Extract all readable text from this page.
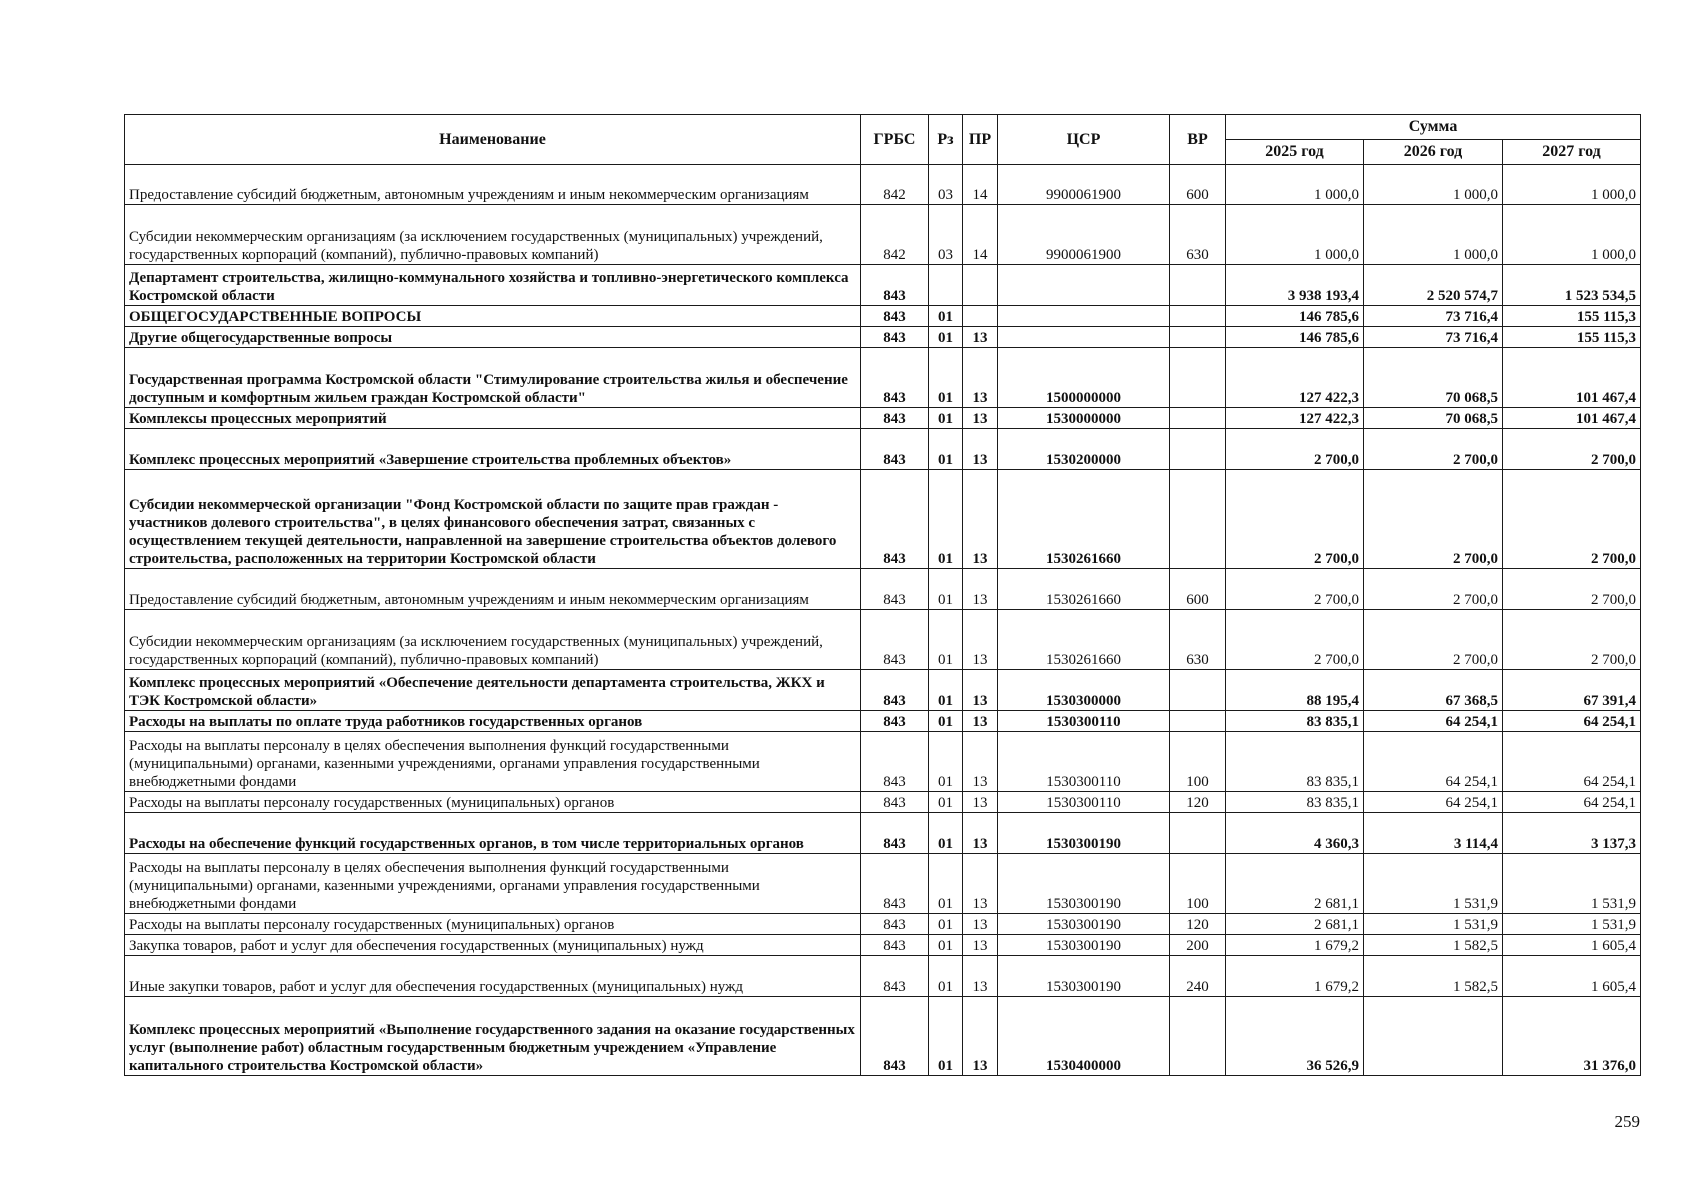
Наименование	ГРБС	Рз	ПР	ЦСР	ВР	Сумма		
						2025 год	2026 год	2027 год
Предоставление субсидий бюджетным, автономным учреждениям и иным некоммерческим организациям	842	03	14	9900061900	600	1 000,0	1 000,0	1 000,0
Субсидии некоммерческим организациям (за исключением государственных (муниципальных) учреждений, государственных корпораций (компаний), публично-правовых компаний)	842	03	14	9900061900	630	1 000,0	1 000,0	1 000,0
Департамент строительства, жилищно-коммунального хозяйства и топливно-энергетического комплекса Костромской области	843					3 938 193,4	2 520 574,7	1 523 534,5
ОБЩЕГОСУДАРСТВЕННЫЕ ВОПРОСЫ	843	01				146 785,6	73 716,4	155 115,3
Другие общегосударственные вопросы	843	01	13			146 785,6	73 716,4	155 115,3
Государственная программа Костромской области "Стимулирование строительства жилья и обеспечение доступным и комфортным жильем граждан Костромской области"	843	01	13	1500000000		127 422,3	70 068,5	101 467,4
Комплексы процессных мероприятий	843	01	13	1530000000		127 422,3	70 068,5	101 467,4
Комплекс процессных мероприятий «Завершение строительства проблемных объектов»	843	01	13	1530200000		2 700,0	2 700,0	2 700,0
Субсидии некоммерческой организации "Фонд Костромской области по защите прав граждан - участников долевого строительства", в целях финансового обеспечения затрат, связанных с осуществлением текущей деятельности, направленной на завершение строительства объектов долевого строительства, расположенных на территории Костромской области	843	01	13	1530261660		2 700,0	2 700,0	2 700,0
Предоставление субсидий бюджетным, автономным учреждениям и иным некоммерческим организациям	843	01	13	1530261660	600	2 700,0	2 700,0	2 700,0
Субсидии некоммерческим организациям (за исключением государственных (муниципальных) учреждений, государственных корпораций (компаний), публично-правовых компаний)	843	01	13	1530261660	630	2 700,0	2 700,0	2 700,0
Комплекс процессных мероприятий «Обеспечение деятельности департамента строительства, ЖКХ и ТЭК Костромской области»	843	01	13	1530300000		88 195,4	67 368,5	67 391,4
Расходы на выплаты по оплате труда работников государственных органов	843	01	13	1530300110		83 835,1	64 254,1	64 254,1
Расходы на выплаты персоналу в целях обеспечения выполнения функций государственными (муниципальными) органами, казенными учреждениями, органами управления государственными внебюджетными фондами	843	01	13	1530300110	100	83 835,1	64 254,1	64 254,1
Расходы на выплаты персоналу государственных (муниципальных) органов	843	01	13	1530300110	120	83 835,1	64 254,1	64 254,1
Расходы на обеспечение функций государственных органов, в том числе территориальных органов	843	01	13	1530300190		4 360,3	3 114,4	3 137,3
Расходы на выплаты персоналу в целях обеспечения выполнения функций государственными (муниципальными) органами, казенными учреждениями, органами управления государственными внебюджетными фондами	843	01	13	1530300190	100	2 681,1	1 531,9	1 531,9
Расходы на выплаты персоналу государственных (муниципальных) органов	843	01	13	1530300190	120	2 681,1	1 531,9	1 531,9
Закупка товаров, работ и услуг для обеспечения государственных (муниципальных) нужд	843	01	13	1530300190	200	1 679,2	1 582,5	1 605,4
Иные закупки товаров, работ и услуг для обеспечения государственных (муниципальных) нужд	843	01	13	1530300190	240	1 679,2	1 582,5	1 605,4
Комплекс процессных мероприятий «Выполнение государственного задания на оказание государственных услуг (выполнение работ) областным государственным бюджетным учреждением «Управление капитального строительства Костромской области»	843	01	13	1530400000		36 526,9		31 376,0
259
